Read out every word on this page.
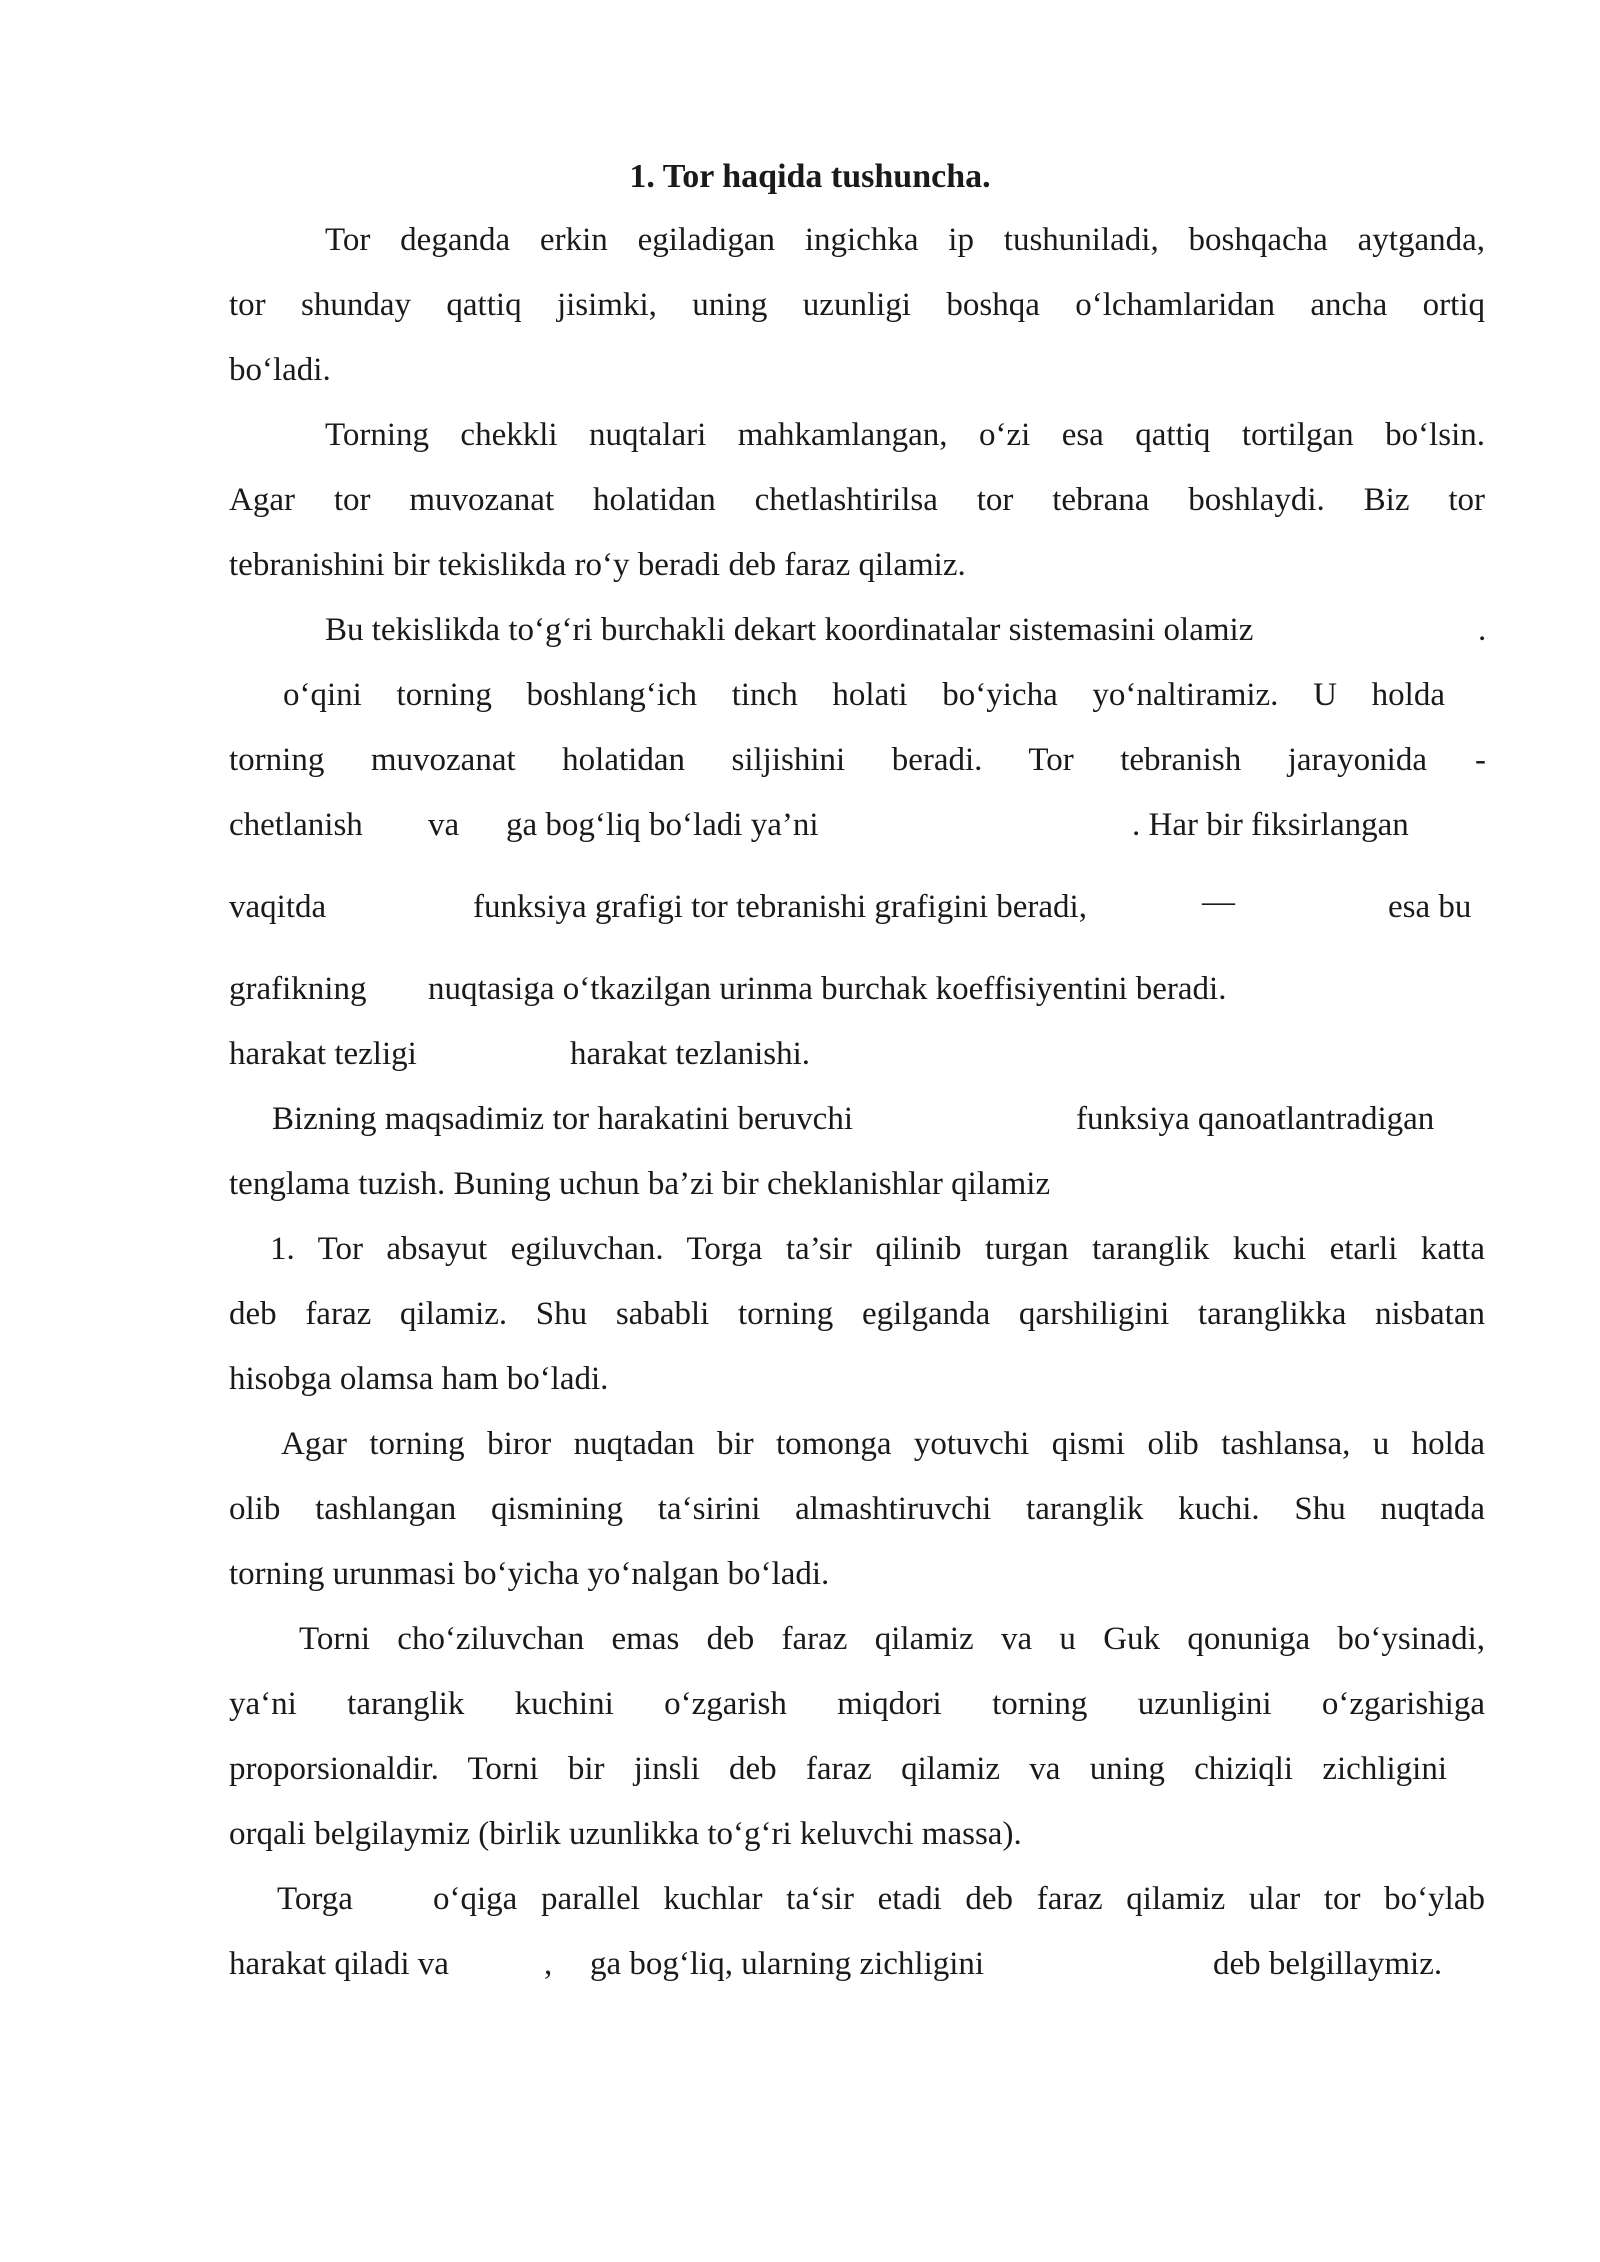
1. Tor haqida tushuncha.
Tor deganda erkin egiladigan ingichka ip tushuniladi, boshqacha aytganda,
tor shunday qattiq jisimki, uning uzunligi boshqa o‘lchamlaridan ancha ortiq
bo‘ladi.
Torning chekkli nuqtalari mahkamlangan, o‘zi esa qattiq tortilgan bo‘lsin.
Agar tor muvozanat holatidan chetlashtirilsa tor tebrana boshlaydi. Biz tor
tebranishini bir tekislikda ro‘y beradi deb faraz qilamiz.
Bu tekislikda to‘g‘ri burchakli dekart koordinatalar sistemasini olamiz	.
o‘qini torning boshlang‘ich tinch holati bo‘yicha yo‘naltiramiz. U holda
torning muvozanat holatidan siljishini beradi. Tor tebranish jarayonida -
chetlanish va ga bog‘liq bo‘ladi ya’ni	. Har bir fiksirlangan
vaqitda	funksiya grafigi tor tebranishi grafigini beradi,	—	esa bu
grafikning nuqtasiga o‘tkazilgan urinma burchak koeffisiyentini beradi.
harakat tezligi	harakat tezlanishi.
Bizning maqsadimiz tor harakatini beruvchi	funksiya qanoatlantradigan
tenglama tuzish. Buning uchun ba’zi bir cheklanishlar qilamiz
1. Tor absayut egiluvchan. Torga ta’sir qilinib turgan taranglik kuchi etarli katta
deb faraz qilamiz. Shu sababli torning egilganda qarshiligini taranglikka nisbatan
hisobga olamsa ham bo‘ladi.
Agar torning biror nuqtadan bir tomonga yotuvchi qismi olib tashlansa, u holda
olib tashlangan qismining ta‘sirini almashtiruvchi taranglik kuchi. Shu nuqtada
torning urunmasi bo‘yicha yo‘nalgan bo‘ladi.
Torni cho‘ziluvchan emas deb faraz qilamiz va u Guk qonuniga bo‘ysinadi,
ya‘ni taranglik kuchini o‘zgarish miqdori torning uzunligini o‘zgarishiga
proporsionaldir. Torni bir jinsli deb faraz qilamiz va uning chiziqli zichligini
orqali belgilaymiz (birlik uzunlikka to‘g‘ri keluvchi massa).
Torga o‘qiga parallel kuchlar ta‘sir etadi deb faraz qilamiz ular tor bo‘ylab
harakat qiladi va	, ga bog‘liq, ularning zichligini	deb belgillaymiz.
